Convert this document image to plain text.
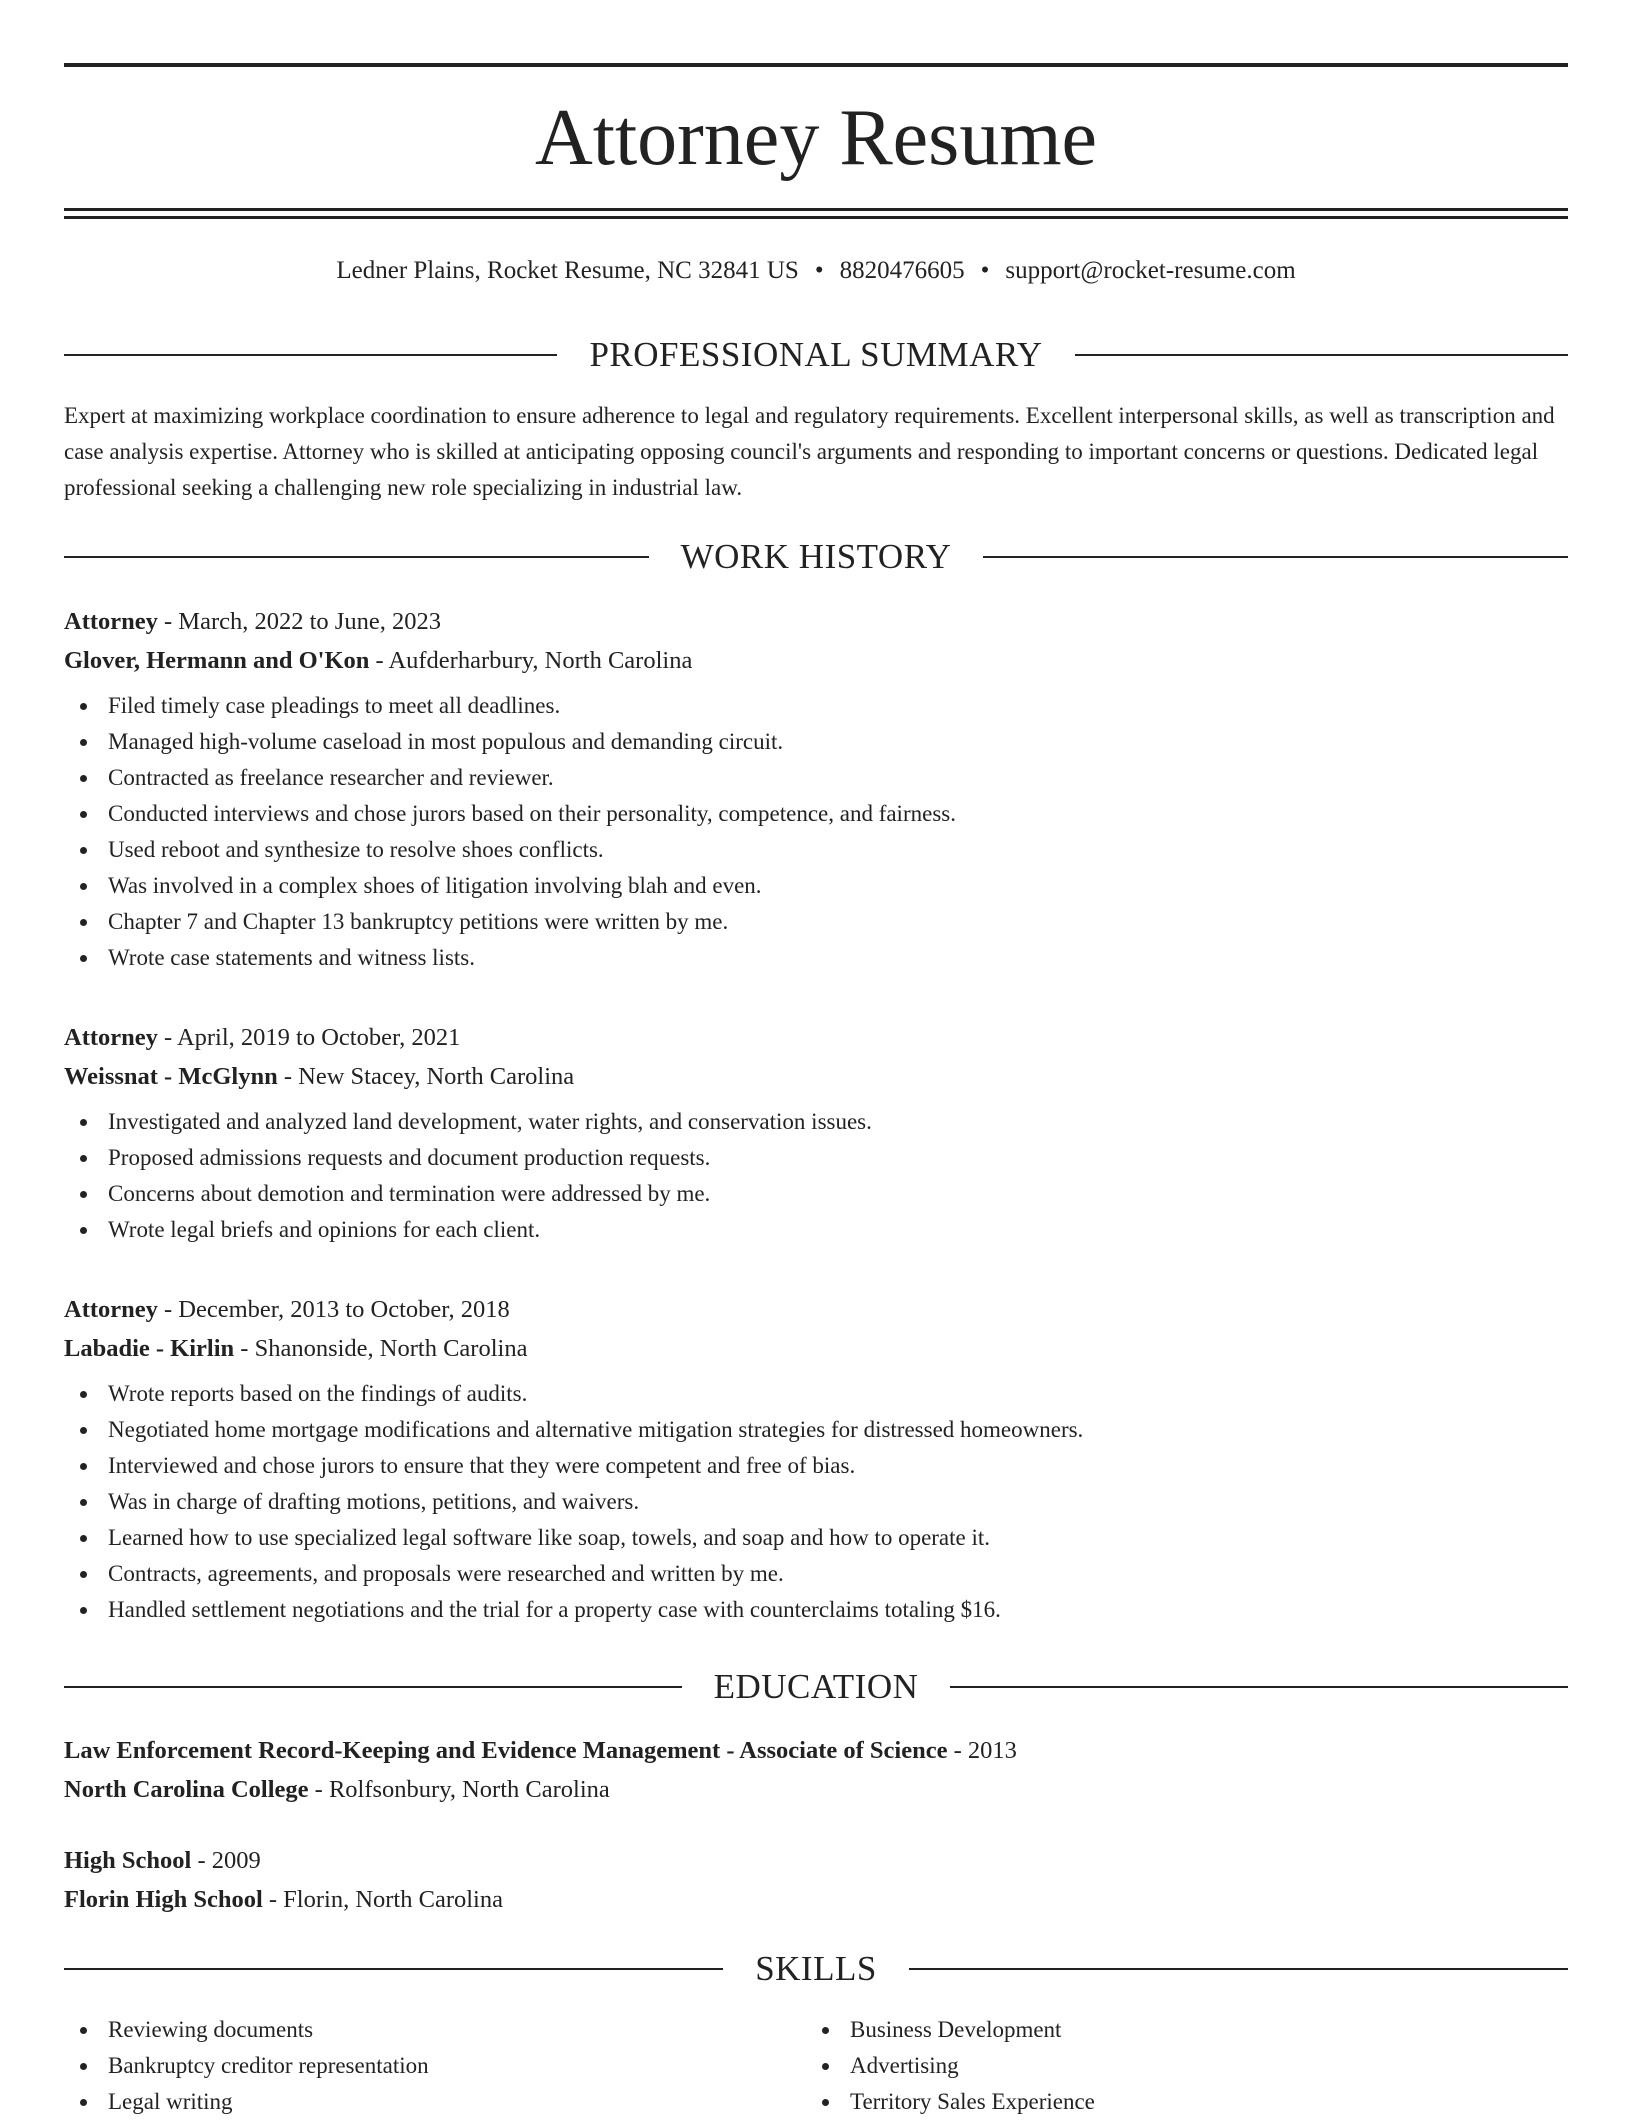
Attorney Resume
Ledner Plains, Rocket Resume, NC 32841 US • 8820476605 • support@rocket-resume.com
PROFESSIONAL SUMMARY

Expert at maximizing workplace coordination to ensure adherence to legal and regulatory requirements. Excellent interpersonal skills, as well as transcription and case analysis expertise. Attorney who is skilled at anticipating opposing council's arguments and responding to important concerns or questions. Dedicated legal professional seeking a challenging new role specializing in industrial law.

WORK HISTORY
Attorney - March, 2022 to June, 2023
Glover, Hermann and O'Kon - Aufderharbury, North Carolina
Filed timely case pleadings to meet all deadlines.
Managed high-volume caseload in most populous and demanding circuit.
Contracted as freelance researcher and reviewer.
Conducted interviews and chose jurors based on their personality, competence, and fairness.
Used reboot and synthesize to resolve shoes conflicts.
Was involved in a complex shoes of litigation involving blah and even.
Chapter 7 and Chapter 13 bankruptcy petitions were written by me.
Wrote case statements and witness lists.
Attorney - April, 2019 to October, 2021
Weissnat - McGlynn - New Stacey, North Carolina
Investigated and analyzed land development, water rights, and conservation issues.
Proposed admissions requests and document production requests.
Concerns about demotion and termination were addressed by me.
Wrote legal briefs and opinions for each client.
Attorney - December, 2013 to October, 2018
Labadie - Kirlin - Shanonside, North Carolina
Wrote reports based on the findings of audits.
Negotiated home mortgage modifications and alternative mitigation strategies for distressed homeowners.
Interviewed and chose jurors to ensure that they were competent and free of bias.
Was in charge of drafting motions, petitions, and waivers.
Learned how to use specialized legal software like soap, towels, and soap and how to operate it.
Contracts, agreements, and proposals were researched and written by me.
Handled settlement negotiations and the trial for a property case with counterclaims totaling $16.
EDUCATION
Law Enforcement Record-Keeping and Evidence Management - Associate of Science - 2013
North Carolina College - Rolfsonbury, North Carolina
High School - 2009
Florin High School - Florin, North Carolina
SKILLS
Reviewing documents
Bankruptcy creditor representation
Legal writing
Business Development
Advertising
Territory Sales Experience
